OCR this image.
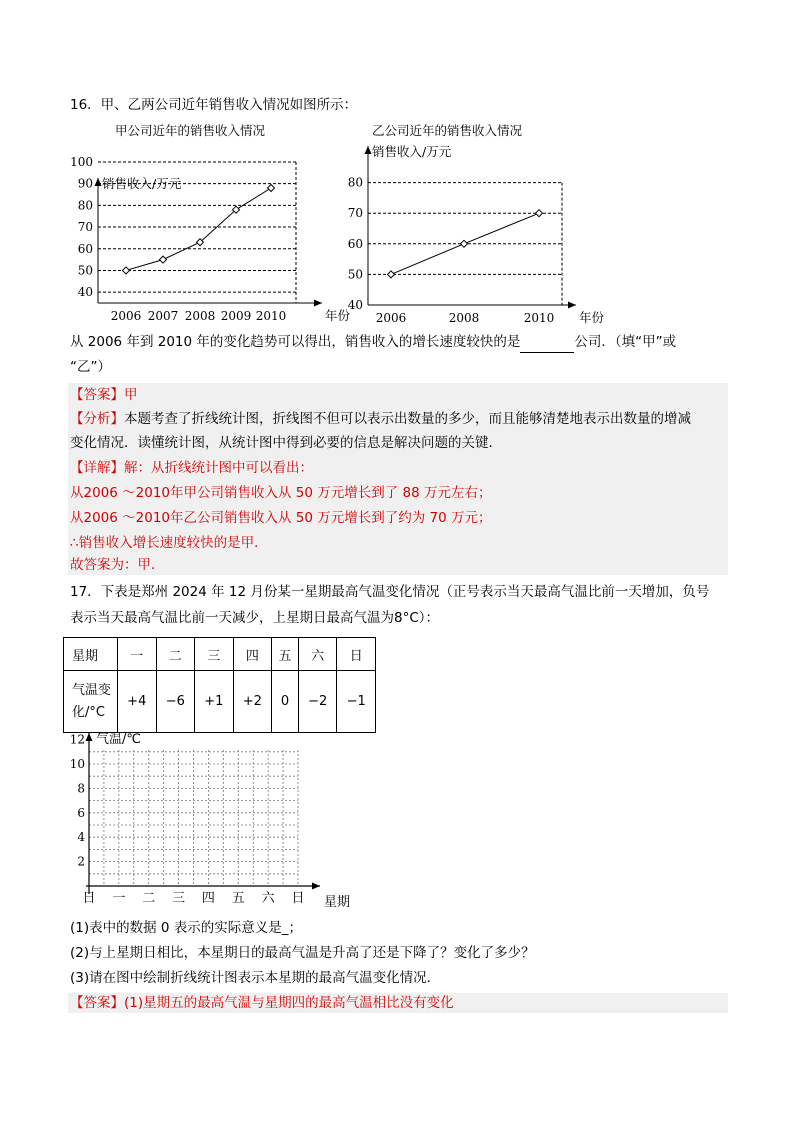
16．甲、乙两公司近年销售收入情况如图所示：
甲公司近年的销售收入情况
40
50
60
70
80
90
100
销售收入/万元
年份
2006 2007 2008 2009 2010
乙公司近年的销售收入情况
40
50
60
70
80
销售收入/万元
年份
2006	2008	2010
从 2006 年到 2010 年的变化趋势可以得出，销售收入的增长速度较快的是	公司．（填“甲”或
“乙”）
【答案】甲
【分析】本题考查了折线统计图，折线图不但可以表示出数量的多少，而且能够清楚地表示出数量的增减
变化情况．读懂统计图，从统计图中得到必要的信息是解决问题的关键．
【详解】解：从折线统计图中可以看出：
从2006 ～2010年甲公司销售收入从 50 万元增长到了 88 万元左右；
从2006 ～2010年乙公司销售收入从 50 万元增长到了约为 70 万元；
∴销售收入增长速度较快的是甲．
故答案为：甲．
17．下表是郑州 2024 年 12 月份某一星期最高气温变化情况（正号表示当天最高气温比前一天增加，负号
表示当天最高气温比前一天减少，上星期日最高气温为8°C）：
星期	一	二	三	四	五	六	日

气温变
化/°C	+4	−6	+1	+2	0	−2	−1
气温/℃
星期
2
4
6
8
10
12
日 一 二 三 四 五 六 日
(1)表中的数据 0 表示的实际意义是_；
(2)与上星期日相比，本星期日的最高气温是升高了还是下降了？变化了多少？
(3)请在图中绘制折线统计图表示本星期的最高气温变化情况．
【答案】(1)星期五的最高气温与星期四的最高气温相比没有变化
